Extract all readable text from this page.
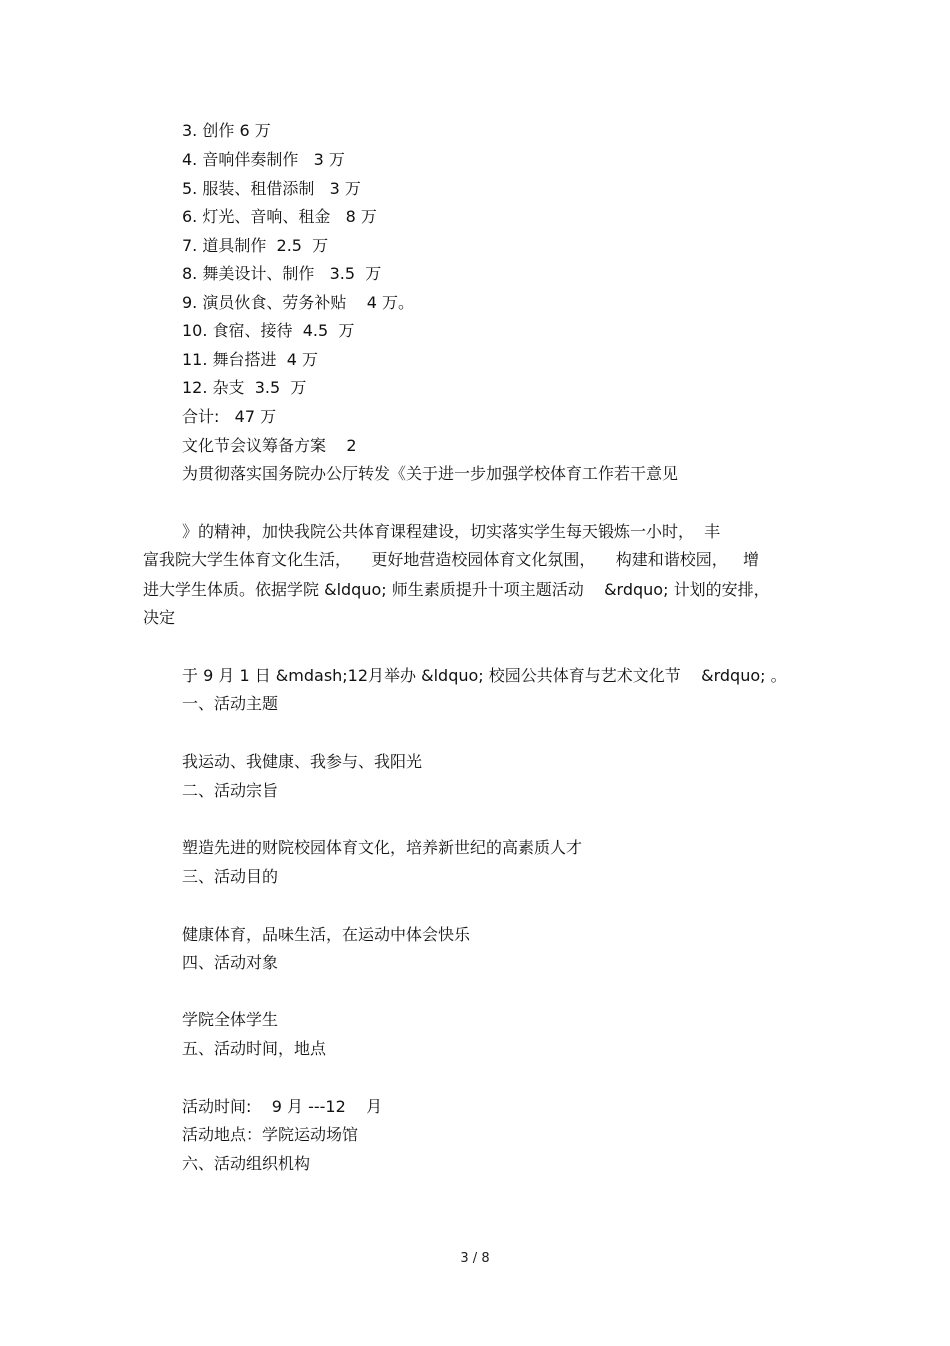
3. 创作 6 万

4. 音响伴奏制作   3 万

5. 服装、租借添制   3 万

6. 灯光、音响、租金   8 万

7. 道具制作  2.5  万

8. 舞美设计、制作   3.5  万

9. 演员伙食、劳务补贴    4 万。

10. 食宿、接待  4.5  万

11. 舞台搭进  4 万

12. 杂支  3.5  万

合计:   47 万

文化节会议筹备方案    2

为贯彻落实国务院办公厅转发《关于进一步加强学校体育工作若干意见

》的精神，加快我院公共体育课程建设，切实落实学生每天锻炼一小时，  丰

富我院大学生体育文化生活，    更好地营造校园体育文化氛围，    构建和谐校园，   增

进大学生体质。依据学院 &ldquo; 师生素质提升十项主题活动    &rdquo; 计划的安排，

决定

于 9 月 1 日 &mdash;12月举办 &ldquo; 校园公共体育与艺术文化节    &rdquo; 。

一、活动主题

我运动、我健康、我参与、我阳光

二、活动宗旨

塑造先进的财院校园体育文化，培养新世纪的高素质人才

三、活动目的

健康体育，品味生活，在运动中体会快乐

四、活动对象

学院全体学生

五、活动时间，地点

活动时间:    9 月 ---12    月

活动地点：学院运动场馆

六、活动组织机构

3 / 8
